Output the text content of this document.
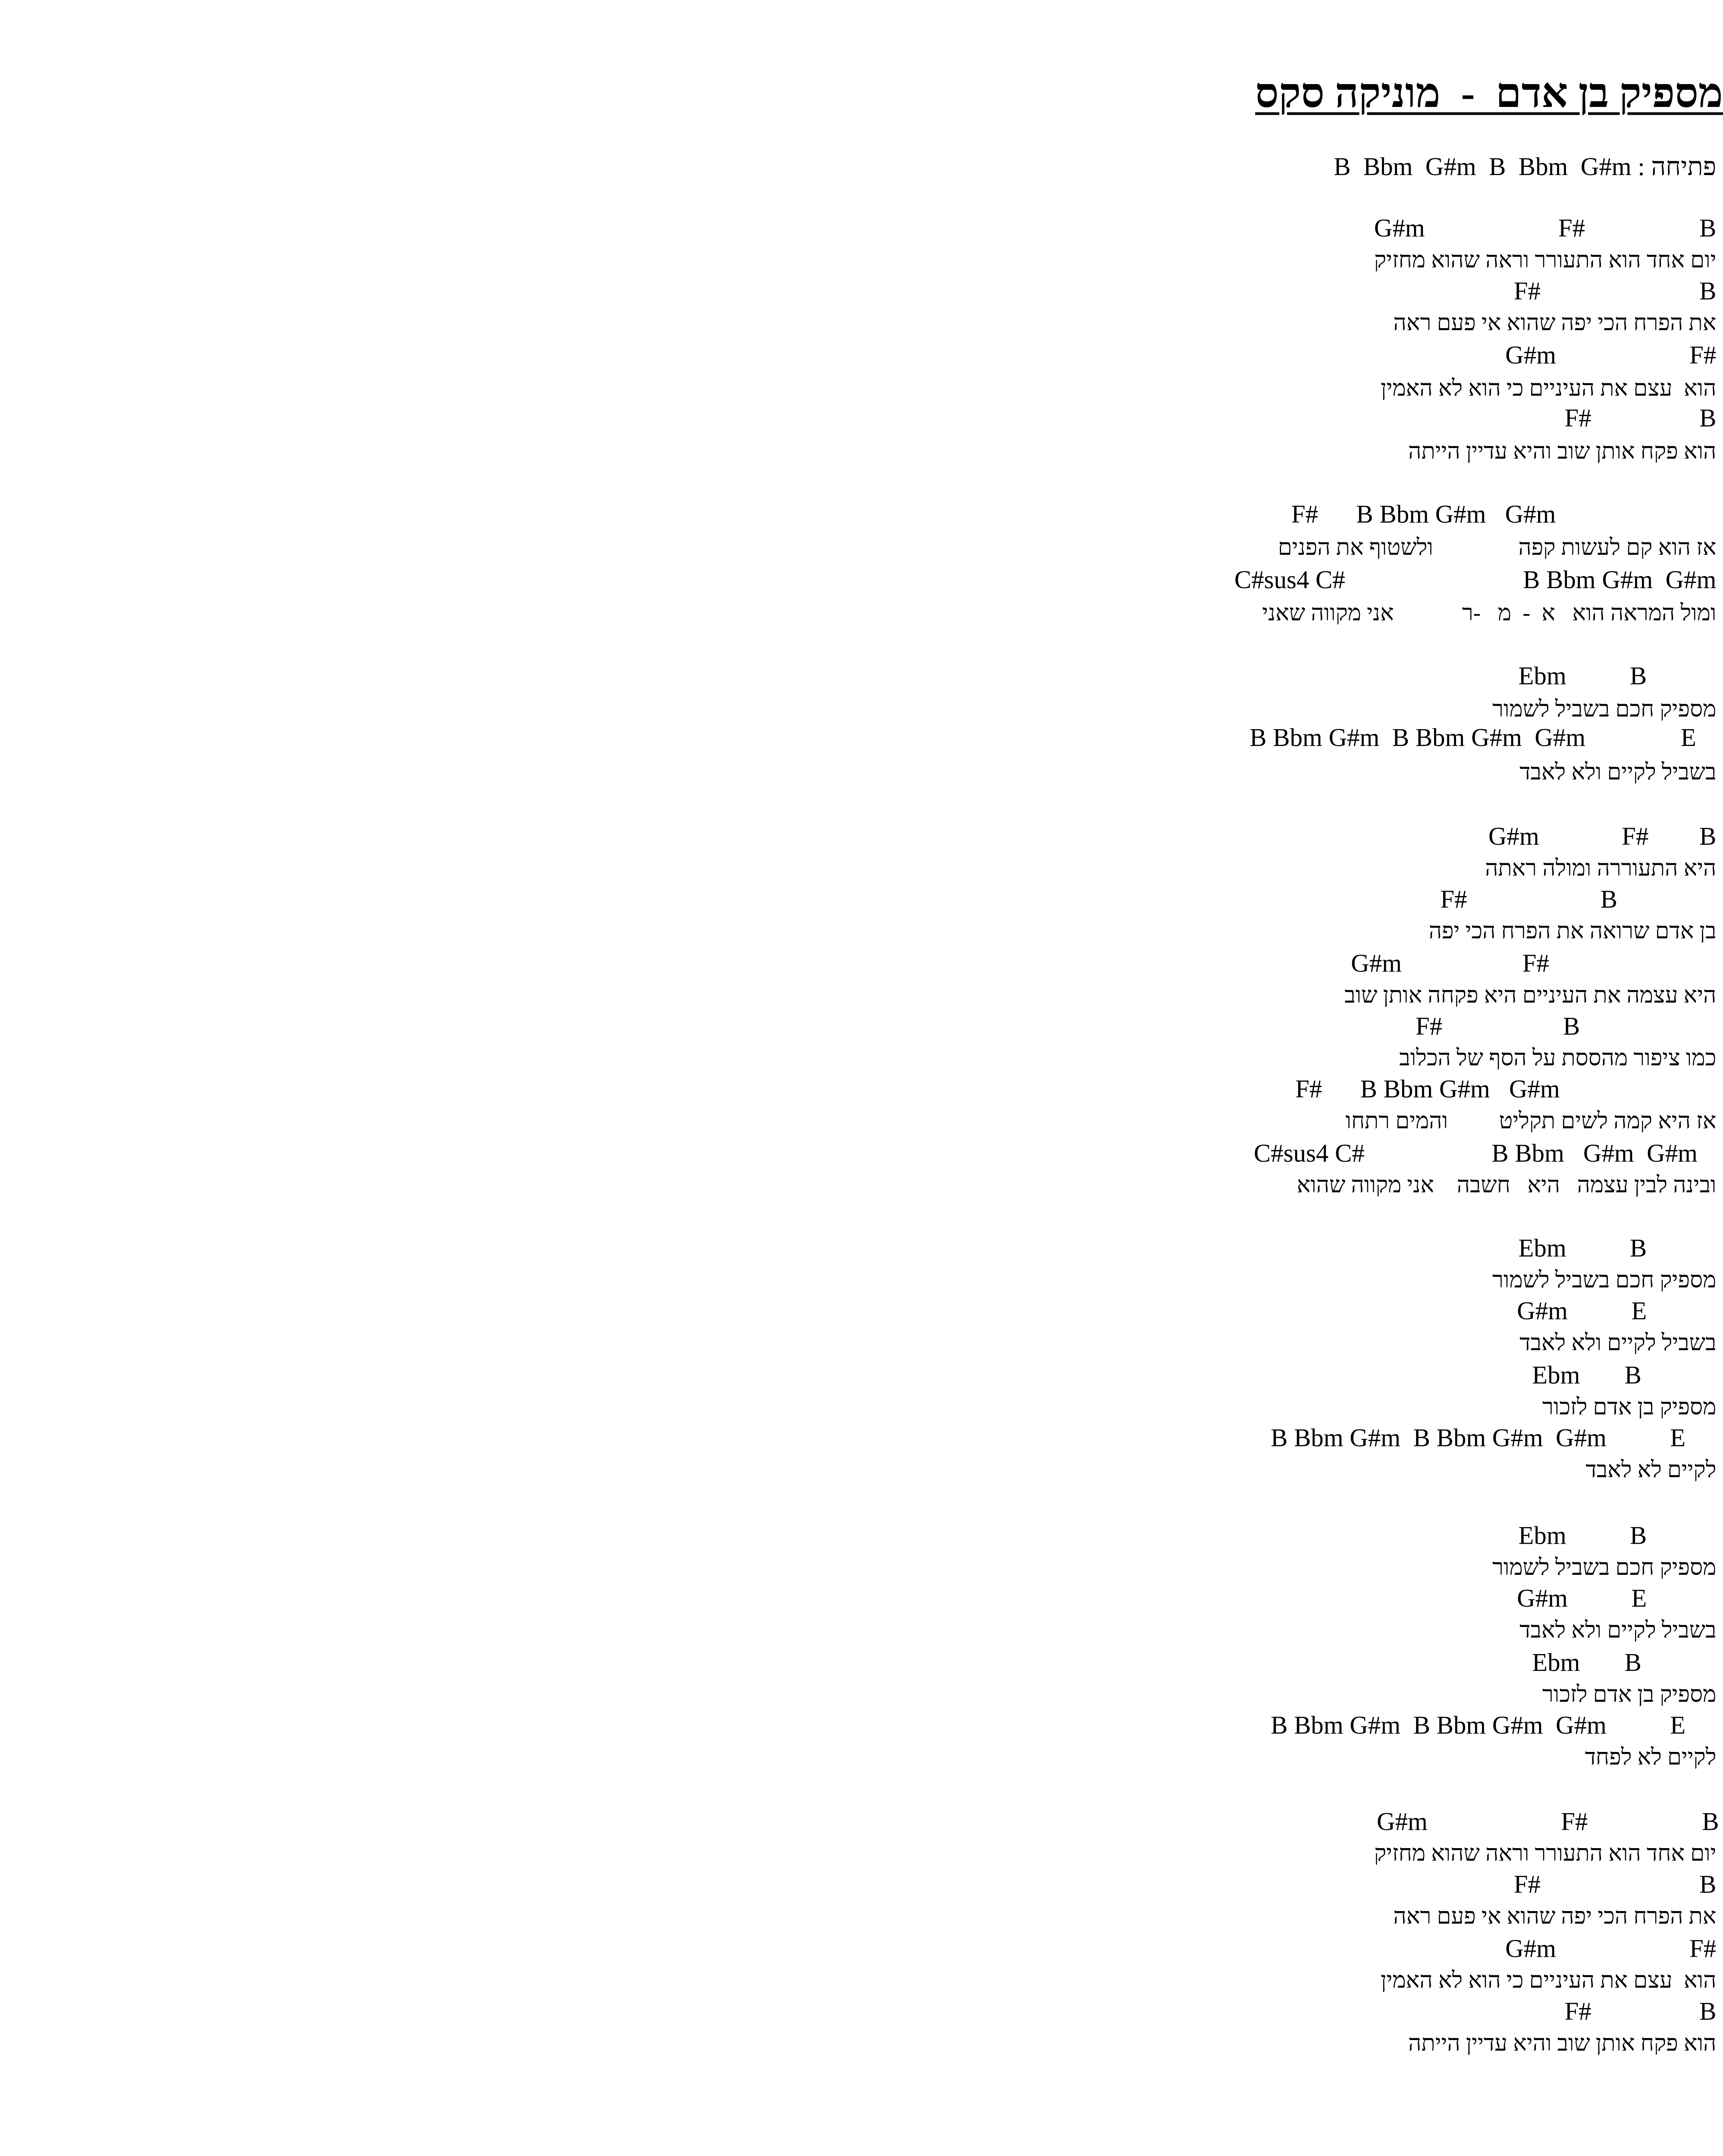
מספיק בן אדם  -  מוניקה סקס
פתיחה : B  Bbm  G#m  B  Bbm  G#m
G#m                     F#                  B
יום אחד הוא התעורר וראה שהוא מחזיק
F#                         B
את הפרח הכי יפה שהוא אי פעם ראה
G#m                     F#
הוא  עצם את העיניים כי הוא לא האמין
F#                 B
הוא פקח אותן שוב והיא עדיין הייתה
F#      B Bbm G#m   G#m
אז הוא קם לעשות קפה               ולשטוף את הפנים
C#sus4 C#                            B Bbm G#m  G#m
ומול המראה הוא   א  -  מ   -ר            אני מקווה שאני
Ebm          B
מספיק חכם בשביל לשמור
B Bbm G#m  B Bbm G#m  G#m               E
בשביל לקיים ולא לאבד
G#m             F#        B
היא התעוררה ומולה ראתה
F#                     B
בן אדם שרואה את הפרח הכי יפה
G#m                   F#
היא עצמה את העיניים היא פקחה אותן שוב
F#                   B
כמו ציפור מהססת על הסף של הכלוב
F#      B Bbm G#m   G#m
אז היא קמה לשים תקליט         והמים רתחו
C#sus4 C#                    B Bbm   G#m  G#m
ובינה לבין עצמה   היא   חשבה    אני מקווה שהוא
Ebm          B
מספיק חכם בשביל לשמור
G#m          E
בשביל לקיים ולא לאבד
Ebm       B
מספיק בן אדם לזכור
B Bbm G#m  B Bbm G#m  G#m          E
לקיים לא לאבד
Ebm          B
מספיק חכם בשביל לשמור
G#m          E
בשביל לקיים ולא לאבד
Ebm       B
מספיק בן אדם לזכור
B Bbm G#m  B Bbm G#m  G#m          E
לקיים לא לפחד
G#m                     F#                  B
יום אחד הוא התעורר וראה שהוא מחזיק
F#                         B
את הפרח הכי יפה שהוא אי פעם ראה
G#m                     F#
הוא  עצם את העיניים כי הוא לא האמין
F#                 B
הוא פקח אותן שוב והיא עדיין הייתה
